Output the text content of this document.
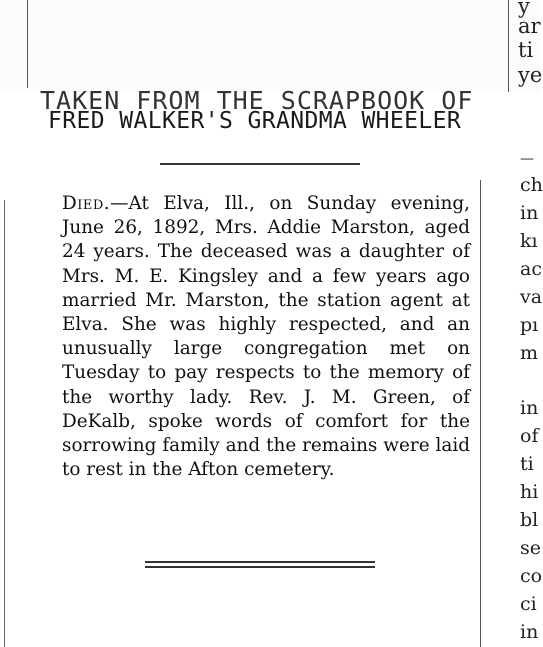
y
ar
ti
ye
TAKEN FROM THE SCRAPBOOK OF
FRED WALKER'S GRANDMA WHEELER
Died.—At Elva, Ill., on Sunday evening, June 26, 1892, Mrs. Addie Marston, aged 24 years. The deceased was a daughter of Mrs. M. E. Kingsley and a few years ago married Mr. Marston, the station agent at Elva. She was highly respected, and an unusually large congregation met on Tuesday to pay respects to the memory of the worthy lady. Rev. J. M. Green, of DeKalb, spoke words of comfort for the sorrowing family and the remains were laid to rest in the Afton cemetery.
—
ch
in
kı
ac
va
pı
m
in
of
ti
hi
bl
se
co
ci
in
